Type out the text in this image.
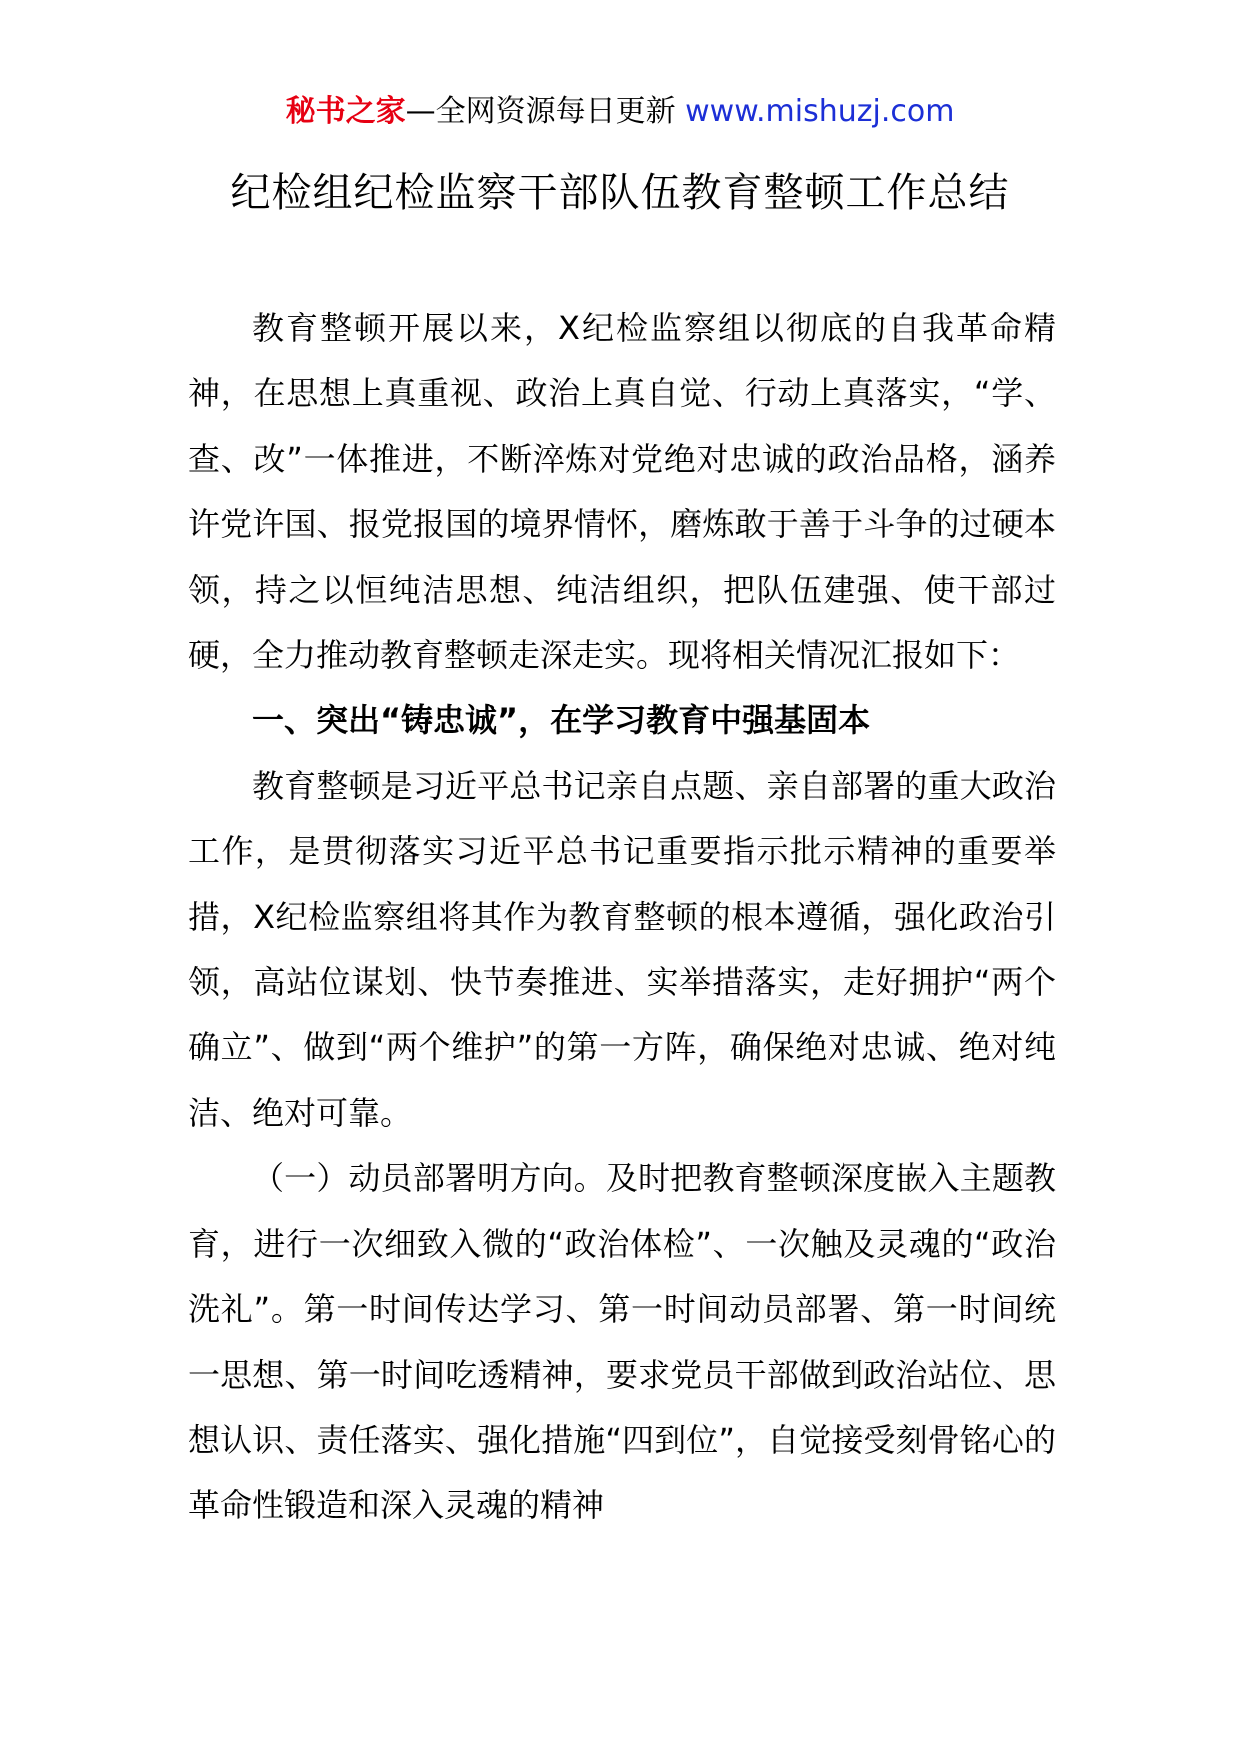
秘书之家—全网资源每日更新 www.mishuzj.com
纪检组纪检监察干部队伍教育整顿工作总结

教育整顿开展以来，X纪检监察组以彻底的自我革命精神，在思想上真重视、政治上真自觉、行动上真落实，“学、查、改”一体推进，不断淬炼对党绝对忠诚的政治品格，涵养许党许国、报党报国的境界情怀，磨炼敢于善于斗争的过硬本领，持之以恒纯洁思想、纯洁组织，把队伍建强、使干部过硬，全力推动教育整顿走深走实。现将相关情况汇报如下：

一、突出“铸忠诚”，在学习教育中强基固本

教育整顿是习近平总书记亲自点题、亲自部署的重大政治工作，是贯彻落实习近平总书记重要指示批示精神的重要举措，X纪检监察组将其作为教育整顿的根本遵循，强化政治引领，高站位谋划、快节奏推进、实举措落实，走好拥护“两个确立”、做到“两个维护”的第一方阵，确保绝对忠诚、绝对纯洁、绝对可靠。

（一）动员部署明方向。及时把教育整顿深度嵌入主题教育，进行一次细致入微的“政治体检”、一次触及灵魂的“政治洗礼”。第一时间传达学习、第一时间动员部署、第一时间统一思想、第一时间吃透精神，要求党员干部做到政治站位、思想认识、责任落实、强化措施“四到位”，自觉接受刻骨铭心的革命性锻造和深入灵魂的精神
